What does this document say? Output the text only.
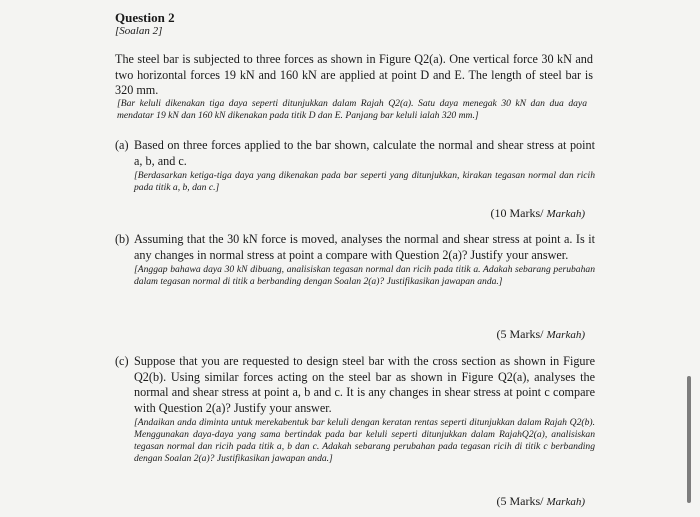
Question 2
[Soalan 2]
The steel bar is subjected to three forces as shown in Figure Q2(a). One vertical force 30 kN and two horizontal forces 19 kN and 160 kN are applied at point D and E. The length of steel bar is 320 mm.
[Bar keluli dikenakan tiga daya seperti ditunjukkan dalam Rajah Q2(a). Satu daya menegak 30 kN dan dua daya mendatar 19 kN dan 160 kN dikenakan pada titik D dan E. Panjang bar keluli ialah 320 mm.]
(a) Based on three forces applied to the bar shown, calculate the normal and shear stress at point a, b, and c.
[Berdasarkan ketiga-tiga daya yang dikenakan pada bar seperti yang ditunjukkan, kirakan tegasan normal dan ricih pada titik a, b, dan c.]
(10 Marks/ Markah)
(b) Assuming that the 30 kN force is moved, analyses the normal and shear stress at point a. Is it any changes in normal stress at point a compare with Question 2(a)? Justify your answer.
[Anggap bahawa daya 30 kN dibuang, analisiskan tegasan normal dan ricih pada titik a. Adakah sebarang perubahan dalam tegasan normal di titik a berbanding dengan Soalan 2(a)? Justifikasikan jawapan anda.]
(5 Marks/ Markah)
(c) Suppose that you are requested to design steel bar with the cross section as shown in Figure Q2(b). Using similar forces acting on the steel bar as shown in Figure Q2(a), analyses the normal and shear stress at point a, b and c. It is any changes in shear stress at point c compare with Question 2(a)? Justify your answer.
[Andaikan anda diminta untuk merekabentuk bar keluli dengan keratan rentas seperti ditunjukkan dalam Rajah Q2(b). Menggunakan daya-daya yang sama bertindak pada bar keluli seperti ditunjukkan dalam RajahQ2(a), analisiskan tegasan normal dan ricih pada titik a, b dan c. Adakah sebarang perubahan pada tegasan ricih di titik c berbanding dengan Soalan 2(a)? Justifikasikan jawapan anda.]
(5 Marks/ Markah)
